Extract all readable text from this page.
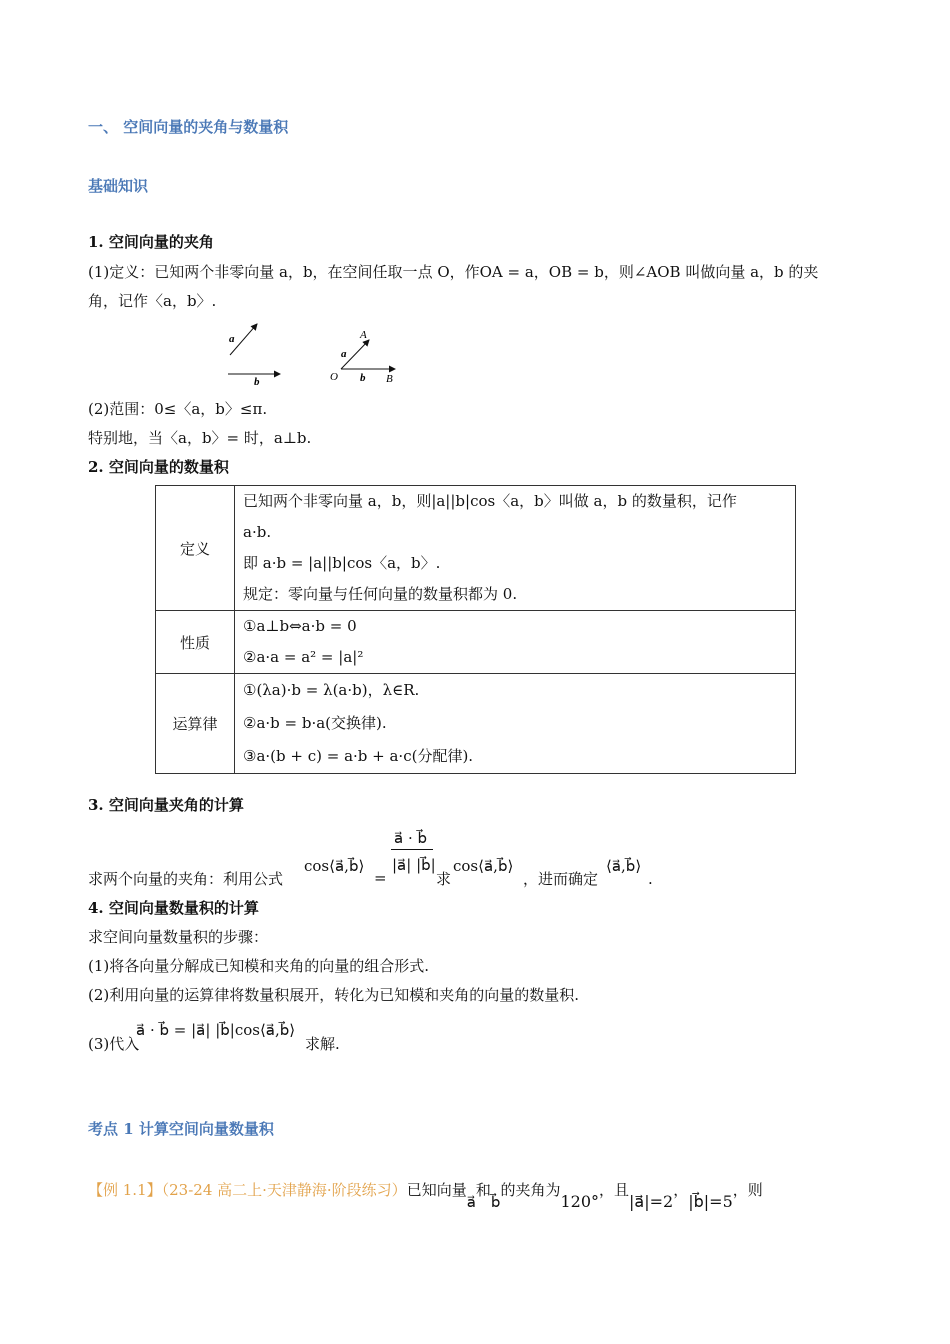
一、 空间向量的夹角与数量积
基础知识
1. 空间向量的夹角
(1)定义：已知两个非零向量 a，b，在空间任取一点 O，作OA = a，OB = b，则∠AOB 叫做向量 a，b 的夹
角，记作〈a，b〉.
a
b
A
a
O b B
(2)范围：0≤〈a，b〉≤π.
特别地，当〈a，b〉= 时，a⊥b.
2. 空间向量的数量积
定义	已知两个非零向量 a，b，则|a||b|cos〈a，b〉叫做 a，b 的数量积，记作
a·b.
即 a·b = |a||b|cos〈a，b〉.
规定：零向量与任何向量的数量积都为 0.

性质	①a⊥b⇔a·b = 0
②a·a = a² = |a|²

运算律	①(λa)·b = λ(a·b)，λ∈R.
②a·b = b·a(交换律).
③a·(b + c) = a·b + a·c(分配律).
3. 空间向量夹角的计算
求两个向量的夹角：利用公式
cos⟨a⃗,b⃗⟩
=
a⃗ · b⃗
|a⃗| |b⃗|
求
cos⟨a⃗,b⃗⟩
，进而确定
⟨a⃗,b⃗⟩
.
4. 空间向量数量积的计算
求空间向量数量积的步骤：
(1)将各向量分解成已知模和夹角的向量的组合形式.
(2)利用向量的运算律将数量积展开，转化为已知模和夹角的向量的数量积.
(3)代入
a⃗ · b⃗ = |a⃗| |b⃗|cos⟨a⃗,b⃗⟩
求解.
考点 1 计算空间向量数量积
【例 1.1】（23-24 高二上·天津静海·阶段练习）已知向量a⃗和b⃗的夹角为120°，且|a⃗|=2，|b⃗|=5，则
